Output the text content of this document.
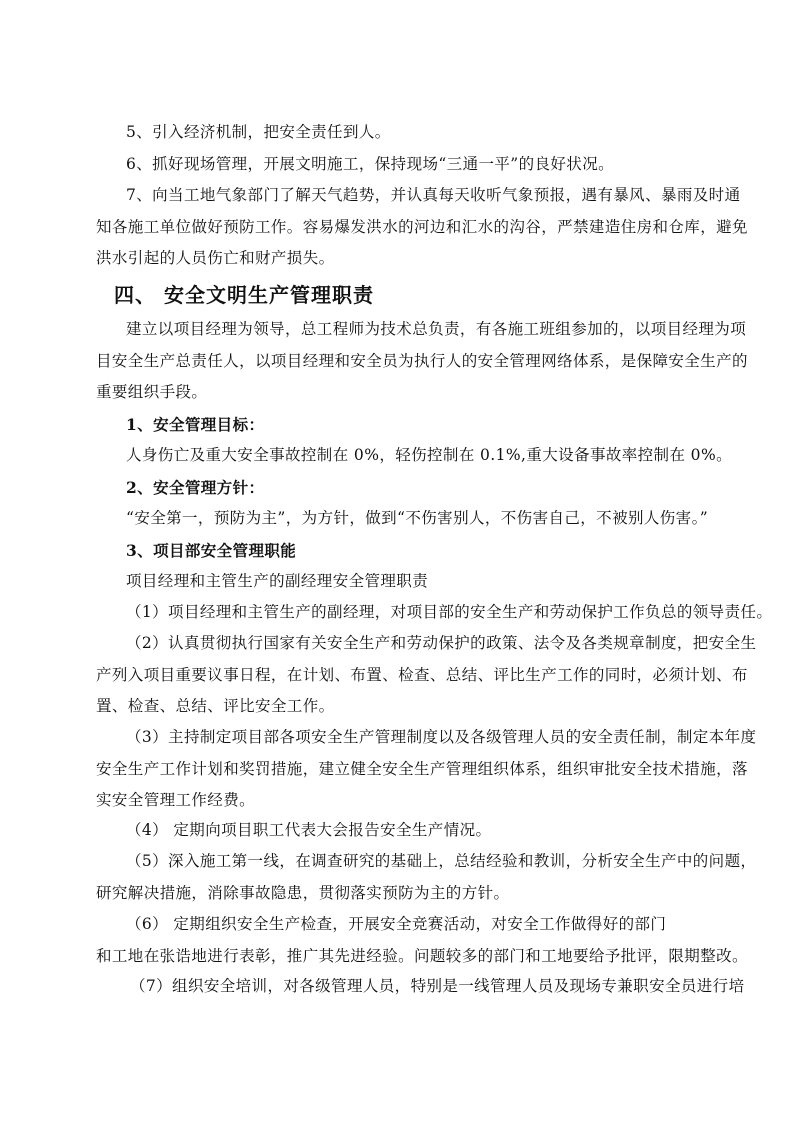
5、引入经济机制，把安全责任到人。

6、抓好现场管理，开展文明施工，保持现场“三通一平”的良好状况。

7、向当工地气象部门了解天气趋势，并认真每天收听气象预报，遇有暴风、暴雨及时通
知各施工单位做好预防工作。容易爆发洪水的河边和汇水的沟谷，严禁建造住房和仓库，避免
洪水引起的人员伤亡和财产损失。

四、 安全文明生产管理职责

建立以项目经理为领导，总工程师为技术总负责，有各施工班组参加的，以项目经理为项
目安全生产总责任人，以项目经理和安全员为执行人的安全管理网络体系，是保障安全生产的
重要组织手段。

1、安全管理目标：

人身伤亡及重大安全事故控制在 0%，轻伤控制在 0.1%,重大设备事故率控制在 0%。

2、安全管理方针：

“安全第一，预防为主”，为方针，做到“不伤害别人，不伤害自己，不被别人伤害。”

3、项目部安全管理职能

项目经理和主管生产的副经理安全管理职责

（1）项目经理和主管生产的副经理，对项目部的安全生产和劳动保护工作负总的领导责任。

（2）认真贯彻执行国家有关安全生产和劳动保护的政策、法令及各类规章制度，把安全生
产列入项目重要议事日程，在计划、布置、检查、总结、评比生产工作的同时，必须计划、布
置、检查、总结、评比安全工作。

（3）主持制定项目部各项安全生产管理制度以及各级管理人员的安全责任制，制定本年度
安全生产工作计划和奖罚措施，建立健全安全生产管理组织体系，组织审批安全技术措施，落
实安全管理工作经费。

（4） 定期向项目职工代表大会报告安全生产情况。

（5）深入施工第一线，在调查研究的基础上，总结经验和教训，分析安全生产中的问题，
研究解决措施，消除事故隐患，贯彻落实预防为主的方针。

（6） 定期组织安全生产检查，开展安全竞赛活动，对安全工作做得好的部门
和工地在张诰地进行表彰，推广其先进经验。问题较多的部门和工地要给予批评，限期整改。

（7）组织安全培训，对各级管理人员，特别是一线管理人员及现场专兼职安全员进行培
